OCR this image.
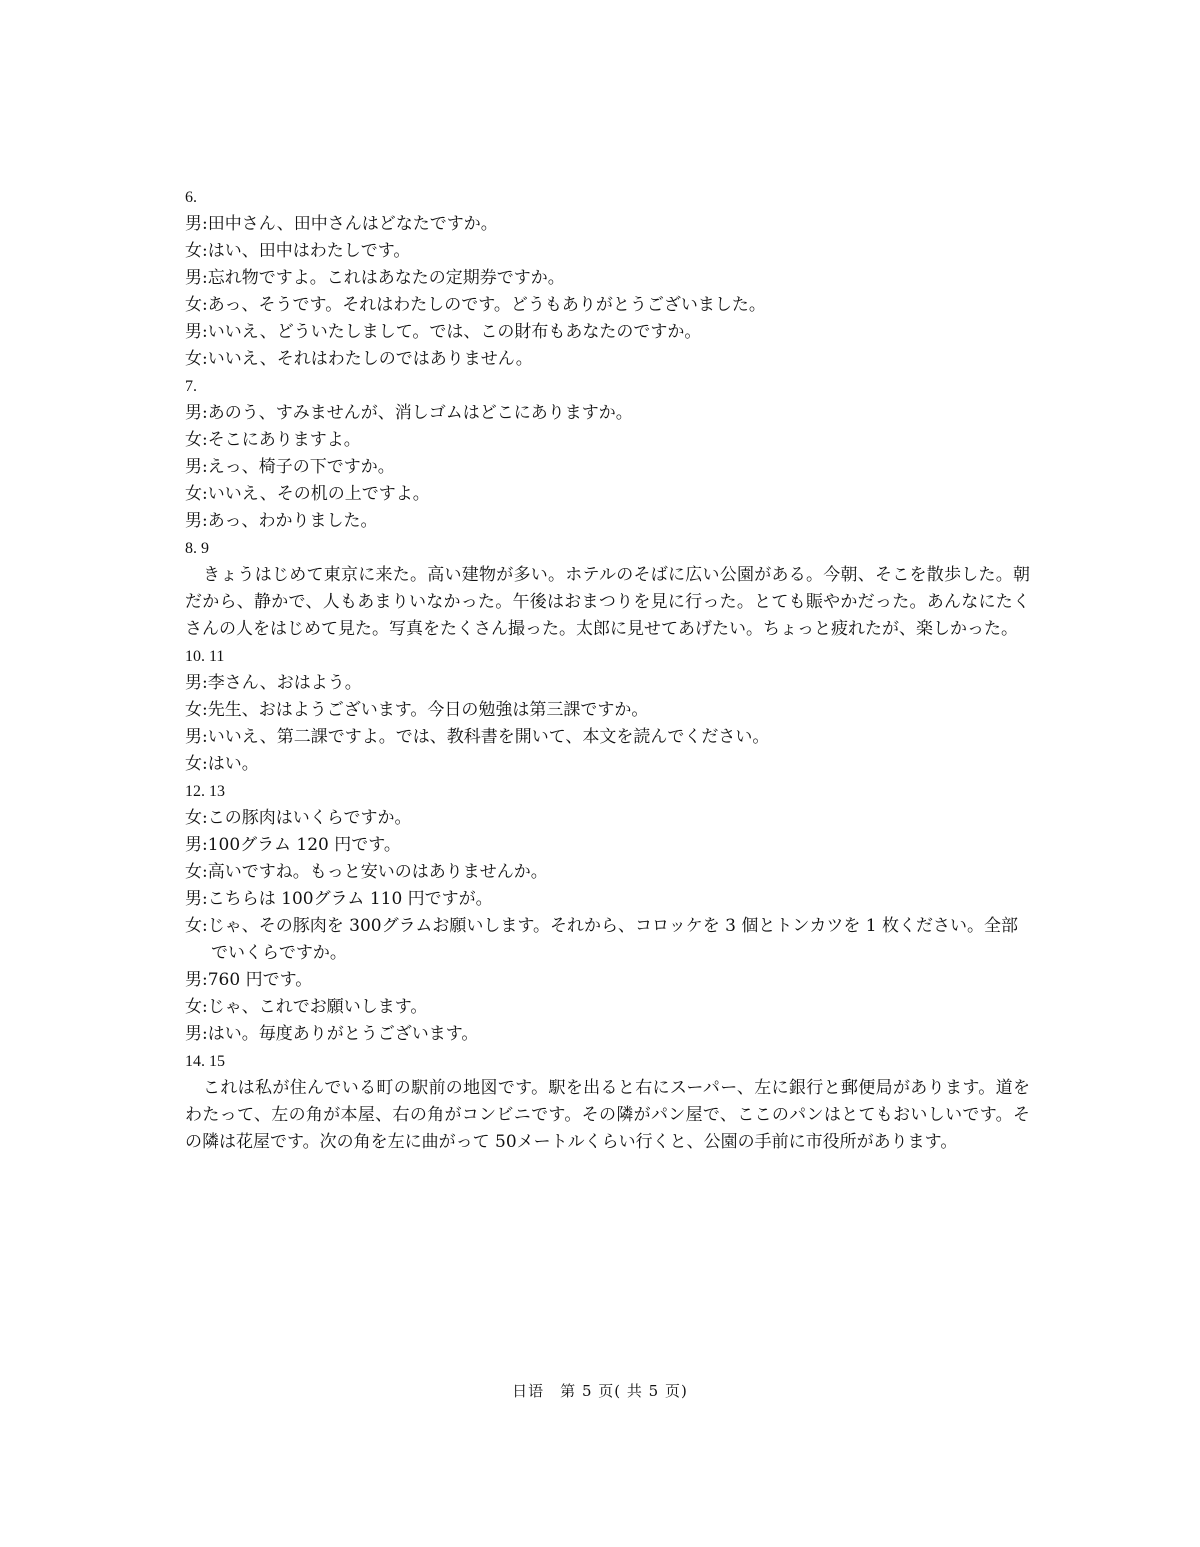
6.
男:田中さん、田中さんはどなたですか。
女:はい、田中はわたしです。
男:忘れ物ですよ。これはあなたの定期券ですか。
女:あっ、そうです。それはわたしのです。どうもありがとうございました。
男:いいえ、どういたしまして。では、この財布もあなたのですか。
女:いいえ、それはわたしのではありません。
7.
男:あのう、すみませんが、消しゴムはどこにありますか。
女:そこにありますよ。
男:えっ、椅子の下ですか。
女:いいえ、その机の上ですよ。
男:あっ、わかりました。
8. 9
きょうはじめて東京に来た。高い建物が多い。ホテルのそばに広い公園がある。今朝、そこを散歩した。朝だから、静かで、人もあまりいなかった。午後はおまつりを見に行った。とても賑やかだった。あんなにたくさんの人をはじめて見た。写真をたくさん撮った。太郎に見せてあげたい。ちょっと疲れたが、楽しかった。
10. 11
男:李さん、おはよう。
女:先生、おはようございます。今日の勉強は第三課ですか。
男:いいえ、第二課ですよ。では、教科書を開いて、本文を読んでください。
女:はい。
12. 13
女:この豚肉はいくらですか。
男:100グラム 120 円です。
女:高いですね。もっと安いのはありませんか。
男:こちらは 100グラム 110 円ですが。
女:じゃ、その豚肉を 300グラムお願いします。それから、コロッケを 3 個とトンカツを 1 枚ください。全部でいくらですか。
男:760 円です。
女:じゃ、これでお願いします。
男:はい。毎度ありがとうございます。
14. 15
これは私が住んでいる町の駅前の地図です。駅を出ると右にスーパー、左に銀行と郵便局があります。道をわたって、左の角が本屋、右の角がコンビニです。その隣がパン屋で、ここのパンはとてもおいしいです。その隣は花屋です。次の角を左に曲がって 50メートルくらい行くと、公園の手前に市役所があります。
日语　第 5 页( 共 5 页)
